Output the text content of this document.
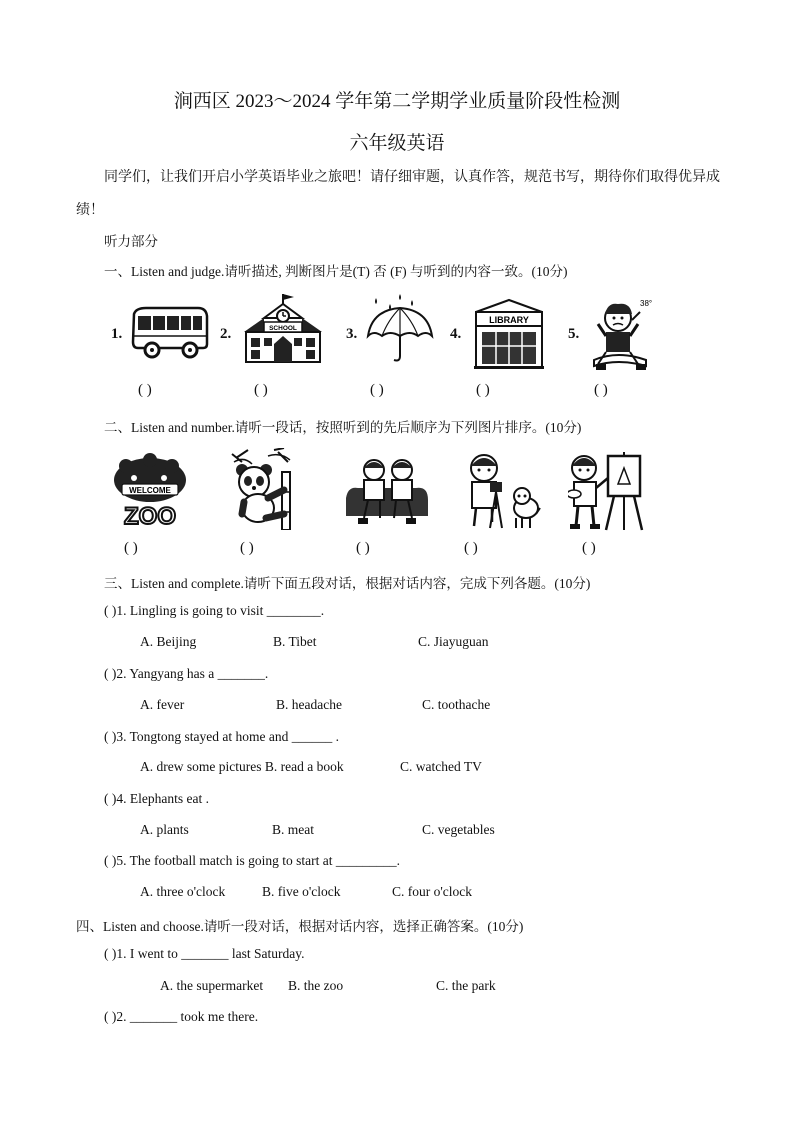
涧西区 2023～2024 学年第二学期学业质量阶段性检测
六年级英语
同学们，让我们开启小学英语毕业之旅吧！请仔细审题，认真作答，规范书写，期待你们取得优异成
绩！
听力部分
一、Listen and judge.请听描述, 判断图片是(T) 否 (F) 与听到的内容一致。(10分)
1.
( )
2.	SCHOOL
( )
3.
( )
4.
LIBRARY
( )
5.
38°
( )
二、Listen and number.请听一段话，按照听到的先后顺序为下列图片排序。(10分)
WELCOME
ZOO
( )	( )	( )	( )	( )
三、Listen and complete.请听下面五段对话，根据对话内容，完成下列各题。(10分)
( )1. Lingling is going to visit ________.
A. Beijing	B. Tibet	C. Jiayuguan
( )2. Yangyang has a _______.
A. fever	B. headache	C. toothache
( )3. Tongtong stayed at home and ______ .
A. drew some pictures B. read a book	C. watched TV
( )4. Elephants eat .
A. plants	B. meat	C. vegetables
( )5. The football match is going to start at _________.
A. three o'clock	B. five o'clock	C. four o'clock
四、Listen and choose.请听一段对话，根据对话内容，选择正确答案。(10分)
( )1. I went to _______ last Saturday.
A. the supermarket B. the zoo	C. the park
( )2. _______ took me there.
